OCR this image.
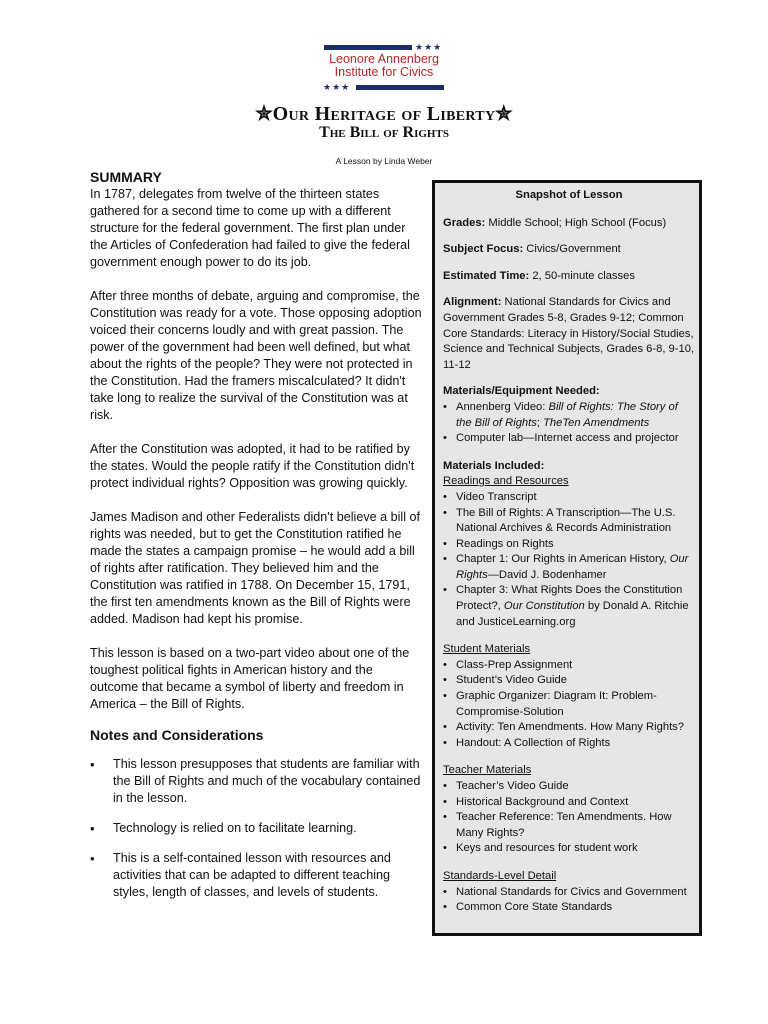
★★★
Leonore Annenberg
Institute for Civics
★★★
✮Our Heritage of Liberty✮
The Bill of Rights
A Lesson by Linda Weber
SUMMARY

In 1787, delegates from twelve of the thirteen states gathered for a second time to come up with a different structure for the federal government. The first plan under the Articles of Confederation had failed to give the federal government enough power to do its job.

After three months of debate, arguing and compromise, the Constitution was ready for a vote. Those opposing adoption voiced their concerns loudly and with great passion. The power of the government had been well defined, but what about the rights of the people? They were not protected in the Constitution. Had the framers miscalculated? It didn't take long to realize the survival of the Constitution was at risk.

After the Constitution was adopted, it had to be ratified by the states. Would the people ratify if the Constitution didn't protect individual rights? Opposition was growing quickly.

James Madison and other Federalists didn't believe a bill of rights was needed, but to get the Constitution ratified he made the states a campaign promise – he would add a bill of rights after ratification. They believed him and the Constitution was ratified in 1788. On December 15, 1791, the first ten amendments known as the Bill of Rights were added. Madison had kept his promise.

This lesson is based on a two-part video about one of the toughest political fights in American history and the outcome that became a symbol of liberty and freedom in America – the Bill of Rights.

Notes and Considerations
• This lesson presupposes that students are familiar with the Bill of Rights and much of the vocabulary contained in the lesson.
• Technology is relied on to facilitate learning.
• This is a self-contained lesson with resources and activities that can be adapted to different teaching styles, length of classes, and levels of students.
Snapshot of Lesson
Grades: Middle School; High School (Focus)
Subject Focus: Civics/Government
Estimated Time: 2, 50-minute classes
Alignment: National Standards for Civics and Government Grades 5-8, Grades 9-12; Common Core Standards: Literacy in History/Social Studies, Science and Technical Subjects, Grades 6-8, 9-10, 11-12
Materials/Equipment Needed:
• Annenberg Video: Bill of Rights: The Story of the Bill of Rights; TheTen Amendments
• Computer lab—Internet access and projector
Materials Included:
Readings and Resources
• Video Transcript
• The Bill of Rights: A Transcription—The U.S. National Archives & Records Administration
• Readings on Rights
• Chapter 1: Our Rights in American History, Our Rights—David J. Bodenhamer
• Chapter 3: What Rights Does the Constitution Protect?, Our Constitution by Donald A. Ritchie and JusticeLearning.org
Student Materials
• Class-Prep Assignment
• Student’s Video Guide
• Graphic Organizer: Diagram It: Problem-Compromise-Solution
• Activity: Ten Amendments. How Many Rights?
• Handout: A Collection of Rights
Teacher Materials
• Teacher’s Video Guide
• Historical Background and Context
• Teacher Reference: Ten Amendments. How Many Rights?
• Keys and resources for student work
Standards-Level Detail
• National Standards for Civics and Government
• Common Core State Standards
